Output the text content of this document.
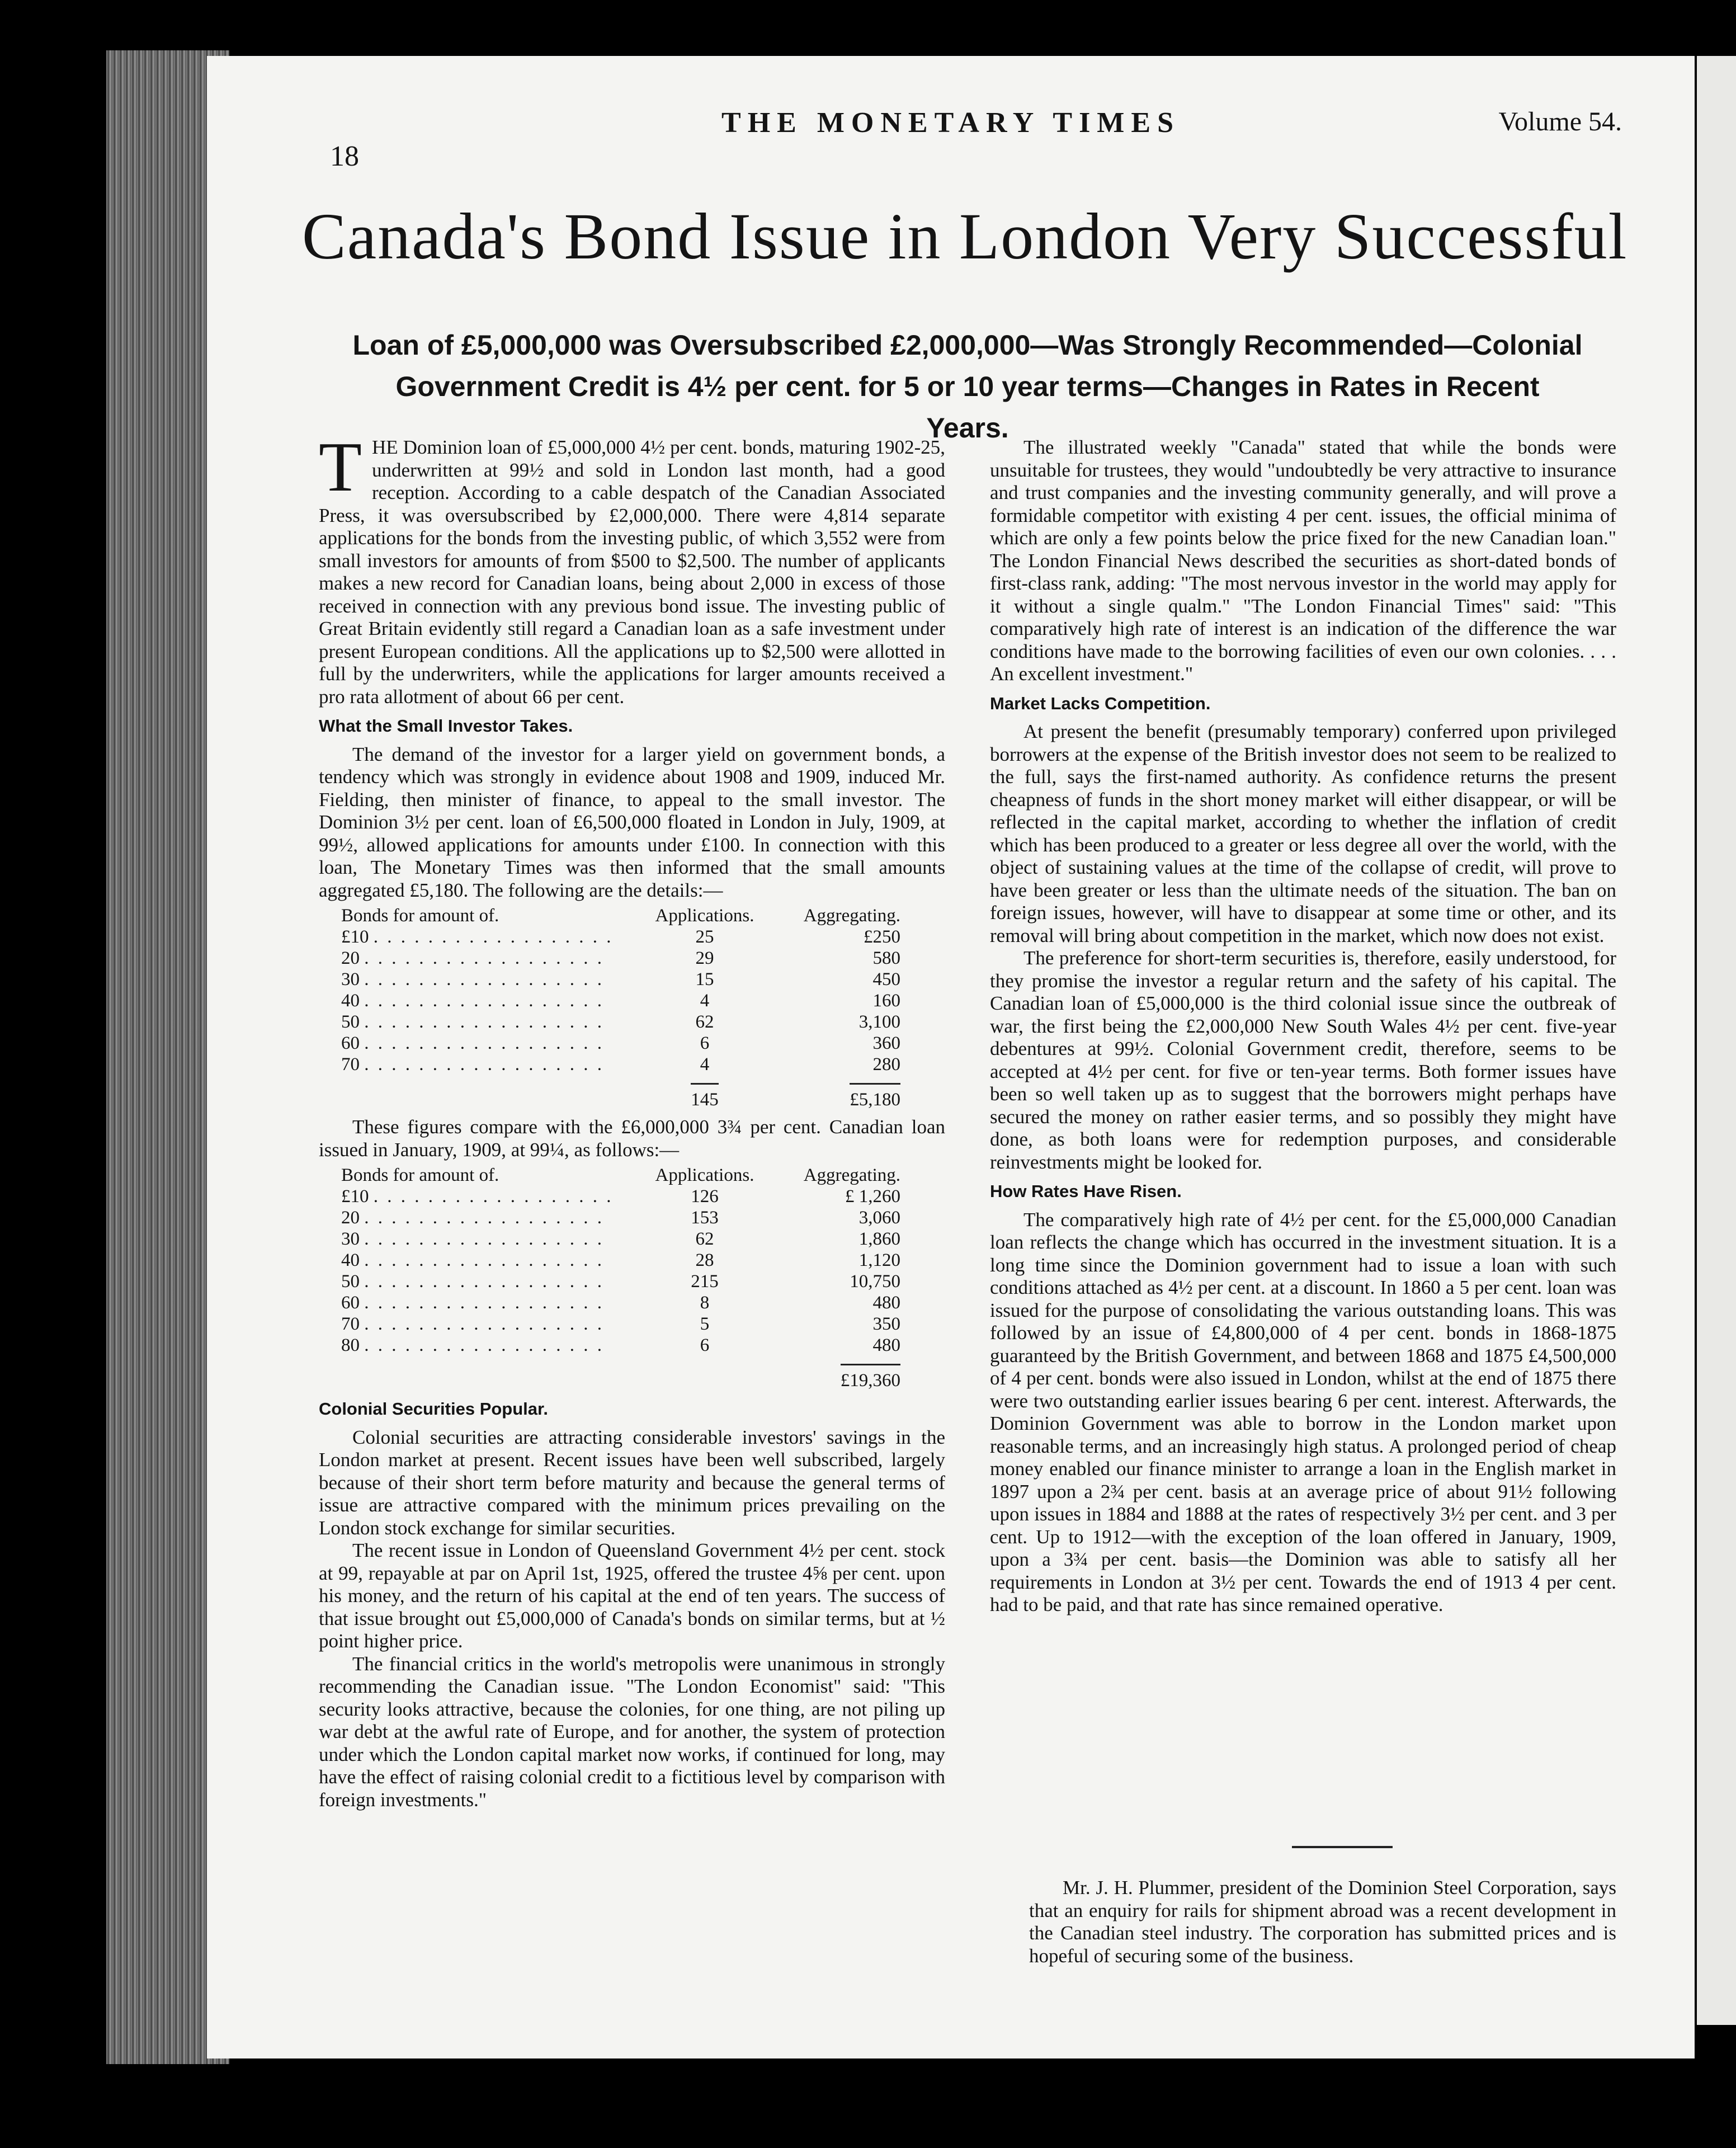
18
THE MONETARY TIMES	Volume 54.
Canada's Bond Issue in London Very Successful
Loan of £5,000,000 was Oversubscribed £2,000,000—Was Strongly Recommended—Colonial
Government Credit is 4½ per cent. for 5 or 10 year terms—Changes in Rates in Recent Years.

THE Dominion loan of £5,000,000 4½ per cent. bonds, maturing 1902-25, underwritten at 99½ and sold in London last month, had a good reception. According to a cable despatch of the Canadian Associated Press, it was oversubscribed by £2,000,000. There were 4,814 separate applications for the bonds from the investing public, of which 3,552 were from small investors for amounts of from $500 to $2,500. The number of applicants makes a new record for Canadian loans, being about 2,000 in excess of those received in connection with any previous bond issue. The investing public of Great Britain evidently still regard a Canadian loan as a safe investment under present European conditions. All the applications up to $2,500 were allotted in full by the underwriters, while the applications for larger amounts received a pro rata allotment of about 66 per cent.

What the Small Investor Takes.

The demand of the investor for a larger yield on government bonds, a tendency which was strongly in evidence about 1908 and 1909, induced Mr. Fielding, then minister of finance, to appeal to the small investor. The Dominion 3½ per cent. loan of £6,500,000 floated in London in July, 1909, at 99½, allowed applications for amounts under £100. In connection with this loan, The Monetary Times was then informed that the small amounts aggregated £5,180. The following are the details:—

Bonds for amount of.	Applications.	Aggregating.
£10 . . . . . . . . . . . . . . . . . .	25	£250
20 . . . . . . . . . . . . . . . . . .	29	580
30 . . . . . . . . . . . . . . . . . .	15	450
40 . . . . . . . . . . . . . . . . . .	4	160
50 . . . . . . . . . . . . . . . . . .	62	3,100
60 . . . . . . . . . . . . . . . . . .	6	360
70 . . . . . . . . . . . . . . . . . .	4	280
	145	£5,180

These figures compare with the £6,000,000 3¾ per cent. Canadian loan issued in January, 1909, at 99¼, as follows:—

Bonds for amount of.	Applications.	Aggregating.
£10 . . . . . . . . . . . . . . . . . .	126	£ 1,260
20 . . . . . . . . . . . . . . . . . .	153	3,060
30 . . . . . . . . . . . . . . . . . .	62	1,860
40 . . . . . . . . . . . . . . . . . .	28	1,120
50 . . . . . . . . . . . . . . . . . .	215	10,750
60 . . . . . . . . . . . . . . . . . .	8	480
70 . . . . . . . . . . . . . . . . . .	5	350
80 . . . . . . . . . . . . . . . . . .	6	480
		£19,360
Colonial Securities Popular.

Colonial securities are attracting considerable investors' savings in the London market at present. Recent issues have been well subscribed, largely because of their short term before maturity and because the general terms of issue are attractive compared with the minimum prices prevailing on the London stock exchange for similar securities.

The recent issue in London of Queensland Government 4½ per cent. stock at 99, repayable at par on April 1st, 1925, offered the trustee 4⅝ per cent. upon his money, and the return of his capital at the end of ten years. The success of that issue brought out £5,000,000 of Canada's bonds on similar terms, but at ½ point higher price.

The financial critics in the world's metropolis were unanimous in strongly recommending the Canadian issue. "The London Economist" said: "This security looks attractive, because the colonies, for one thing, are not piling up war debt at the awful rate of Europe, and for another, the system of protection under which the London capital market now works, if continued for long, may have the effect of raising colonial credit to a fictitious level by comparison with foreign investments."

The illustrated weekly "Canada" stated that while the bonds were unsuitable for trustees, they would "undoubtedly be very attractive to insurance and trust companies and the investing community generally, and will prove a formidable competitor with existing 4 per cent. issues, the official minima of which are only a few points below the price fixed for the new Canadian loan." The London Financial News described the securities as short-dated bonds of first-class rank, adding: "The most nervous investor in the world may apply for it without a single qualm." "The London Financial Times" said: "This comparatively high rate of interest is an indication of the difference the war conditions have made to the borrowing facilities of even our own colonies. . . . An excellent investment."

Market Lacks Competition.

At present the benefit (presumably temporary) conferred upon privileged borrowers at the expense of the British investor does not seem to be realized to the full, says the first-named authority. As confidence returns the present cheapness of funds in the short money market will either disappear, or will be reflected in the capital market, according to whether the inflation of credit which has been produced to a greater or less degree all over the world, with the object of sustaining values at the time of the collapse of credit, will prove to have been greater or less than the ultimate needs of the situation. The ban on foreign issues, however, will have to disappear at some time or other, and its removal will bring about competition in the market, which now does not exist.

The preference for short-term securities is, therefore, easily understood, for they promise the investor a regular return and the safety of his capital. The Canadian loan of £5,000,000 is the third colonial issue since the outbreak of war, the first being the £2,000,000 New South Wales 4½ per cent. five-year debentures at 99½. Colonial Government credit, therefore, seems to be accepted at 4½ per cent. for five or ten-year terms. Both former issues have been so well taken up as to suggest that the borrowers might perhaps have secured the money on rather easier terms, and so possibly they might have done, as both loans were for redemption purposes, and considerable reinvestments might be looked for.

How Rates Have Risen.

The comparatively high rate of 4½ per cent. for the £5,000,000 Canadian loan reflects the change which has occurred in the investment situation. It is a long time since the Dominion government had to issue a loan with such conditions attached as 4½ per cent. at a discount. In 1860 a 5 per cent. loan was issued for the purpose of consolidating the various outstanding loans. This was followed by an issue of £4,800,000 of 4 per cent. bonds in 1868-1875 guaranteed by the British Government, and between 1868 and 1875 £4,500,000 of 4 per cent. bonds were also issued in London, whilst at the end of 1875 there were two outstanding earlier issues bearing 6 per cent. interest. Afterwards, the Dominion Government was able to borrow in the London market upon reasonable terms, and an increasingly high status. A prolonged period of cheap money enabled our finance minister to arrange a loan in the English market in 1897 upon a 2¾ per cent. basis at an average price of about 91½ following upon issues in 1884 and 1888 at the rates of respectively 3½ per cent. and 3 per cent. Up to 1912—with the exception of the loan offered in January, 1909, upon a 3¾ per cent. basis—the Dominion was able to satisfy all her requirements in London at 3½ per cent. Towards the end of 1913 4 per cent. had to be paid, and that rate has since remained operative.

Mr. J. H. Plummer, president of the Dominion Steel Corporation, says that an enquiry for rails for shipment abroad was a recent development in the Canadian steel industry. The corporation has submitted prices and is hopeful of securing some of the business.
